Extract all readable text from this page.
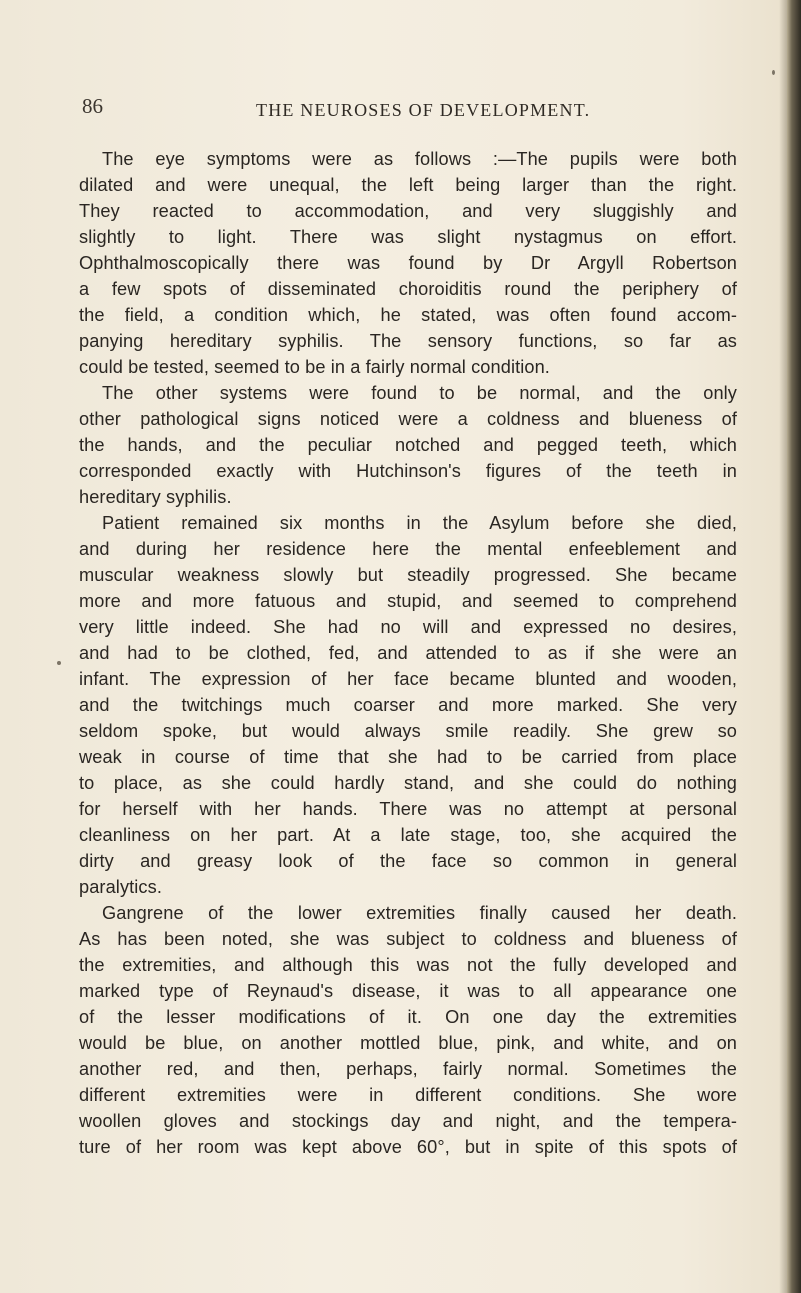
86	THE NEUROSES OF DEVELOPMENT.
The eye symptoms were as follows :—The pupils were both
dilated and were unequal, the left being larger than the right.
They reacted to accommodation, and very sluggishly and
slightly to light. There was slight nystagmus on effort.
Ophthalmoscopically there was found by Dr Argyll Robertson
a few spots of disseminated choroiditis round the periphery of
the field, a condition which, he stated, was often found accom-
panying hereditary syphilis. The sensory functions, so far as
could be tested, seemed to be in a fairly normal condition.
The other systems were found to be normal, and the only
other pathological signs noticed were a coldness and blueness of
the hands, and the peculiar notched and pegged teeth, which
corresponded exactly with Hutchinson's figures of the teeth in
hereditary syphilis.
Patient remained six months in the Asylum before she died,
and during her residence here the mental enfeeblement and
muscular weakness slowly but steadily progressed. She became
more and more fatuous and stupid, and seemed to comprehend
very little indeed. She had no will and expressed no desires,
and had to be clothed, fed, and attended to as if she were an
infant. The expression of her face became blunted and wooden,
and the twitchings much coarser and more marked. She very
seldom spoke, but would always smile readily. She grew so
weak in course of time that she had to be carried from place
to place, as she could hardly stand, and she could do nothing
for herself with her hands. There was no attempt at personal
cleanliness on her part. At a late stage, too, she acquired the
dirty and greasy look of the face so common in general
paralytics.
Gangrene of the lower extremities finally caused her death.
As has been noted, she was subject to coldness and blueness of
the extremities, and although this was not the fully developed and
marked type of Reynaud's disease, it was to all appearance one
of the lesser modifications of it. On one day the extremities
would be blue, on another mottled blue, pink, and white, and on
another red, and then, perhaps, fairly normal. Sometimes the
different extremities were in different conditions. She wore
woollen gloves and stockings day and night, and the tempera-
ture of her room was kept above 60°, but in spite of this spots of
